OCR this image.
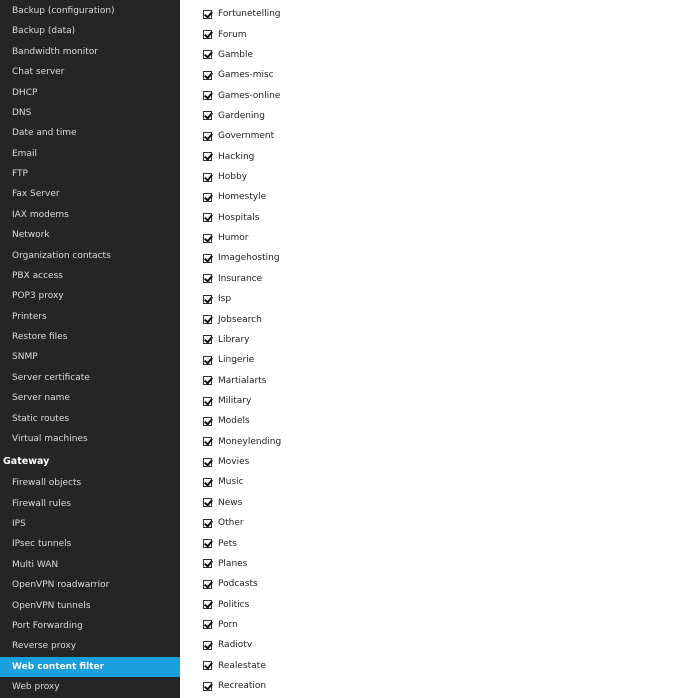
Backup (configuration)
Backup (data)
Bandwidth monitor
Chat server
DHCP
DNS
Date and time
Email
FTP
Fax Server
IAX modems
Network
Organization contacts
PBX access
POP3 proxy
Printers
Restore files
SNMP
Server certificate
Server name
Static routes
Virtual machines
Gateway
Firewall objects
Firewall rules
IPS
IPsec tunnels
Multi WAN
OpenVPN roadwarrior
OpenVPN tunnels
Port Forwarding
Reverse proxy
Web content filter
Web proxy
Fortunetelling
Forum
Gamble
Games-misc
Games-online
Gardening
Government
Hacking
Hobby
Homestyle
Hospitals
Humor
Imagehosting
Insurance
Isp
Jobsearch
Library
Lingerie
Martialarts
Military
Models
Moneylending
Movies
Music
News
Other
Pets
Planes
Podcasts
Politics
Porn
Radiotv
Realestate
Recreation
